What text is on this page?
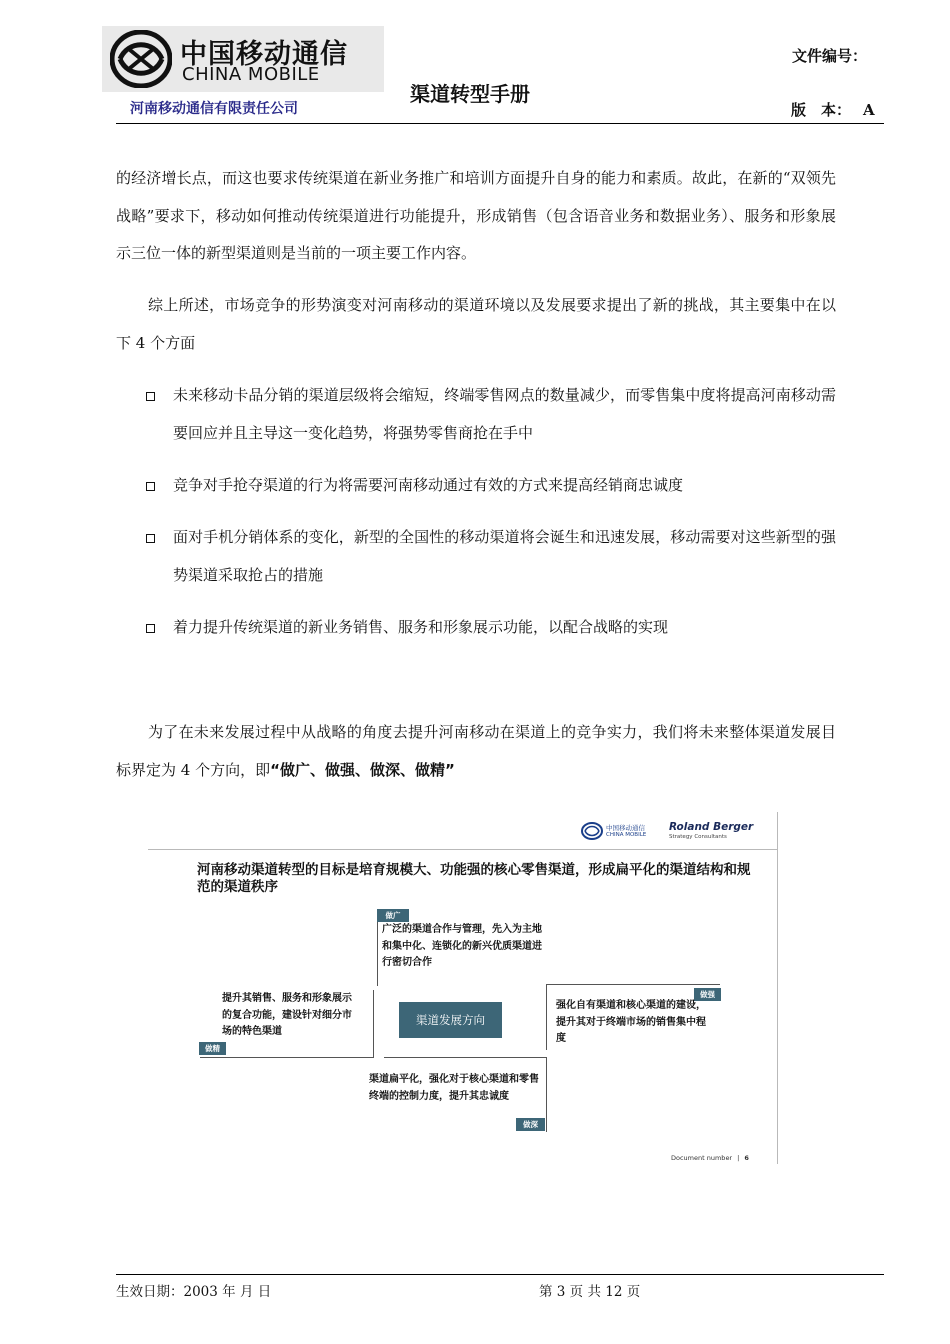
中国移动通信
CHINA MOBILE
河南移动通信有限责任公司
渠道转型手册
文件编号：
版　本： A

的经济增长点，而这也要求传统渠道在新业务推广和培训方面提升自身的能力和素质。故此，在新的“双领先战略”要求下，移动如何推动传统渠道进行功能提升，形成销售（包含语音业务和数据业务）、服务和形象展示三位一体的新型渠道则是当前的一项主要工作内容。

综上所述，市场竞争的形势演变对河南移动的渠道环境以及发展要求提出了新的挑战，其主要集中在以下 4 个方面

未来移动卡品分销的渠道层级将会缩短，终端零售网点的数量减少，而零售集中度将提高河南移动需要回应并且主导这一变化趋势，将强势零售商抢在手中
竞争对手抢夺渠道的行为将需要河南移动通过有效的方式来提高经销商忠诚度
面对手机分销体系的变化，新型的全国性的移动渠道将会诞生和迅速发展，移动需要对这些新型的强势渠道采取抢占的措施
着力提升传统渠道的新业务销售、服务和形象展示功能，以配合战略的实现

为了在未来发展过程中从战略的角度去提升河南移动在渠道上的竞争实力，我们将未来整体渠道发展目标界定为 4 个方向，即“做广、做强、做深、做精”

中国移动通信
CHINA MOBILE
Roland Berger
Strategy Consultants
河南移动渠道转型的目标是培育规模大、功能强的核心零售渠道，形成扁平化的渠道结构和规范的渠道秩序
做广
广泛的渠道合作与管理，先入为主地和集中化、连锁化的新兴优质渠道进行密切合作
做强
强化自有渠道和核心渠道的建设，提升其对于终端市场的销售集中程度
做精
提升其销售、服务和形象展示的复合功能，建设针对细分市场的特色渠道
渠道发展方向
做深
渠道扁平化，强化对于核心渠道和零售终端的控制力度，提升其忠诚度
Document number | 6
生效日期：2003 年 月 日	第 3 页 共 12 页
